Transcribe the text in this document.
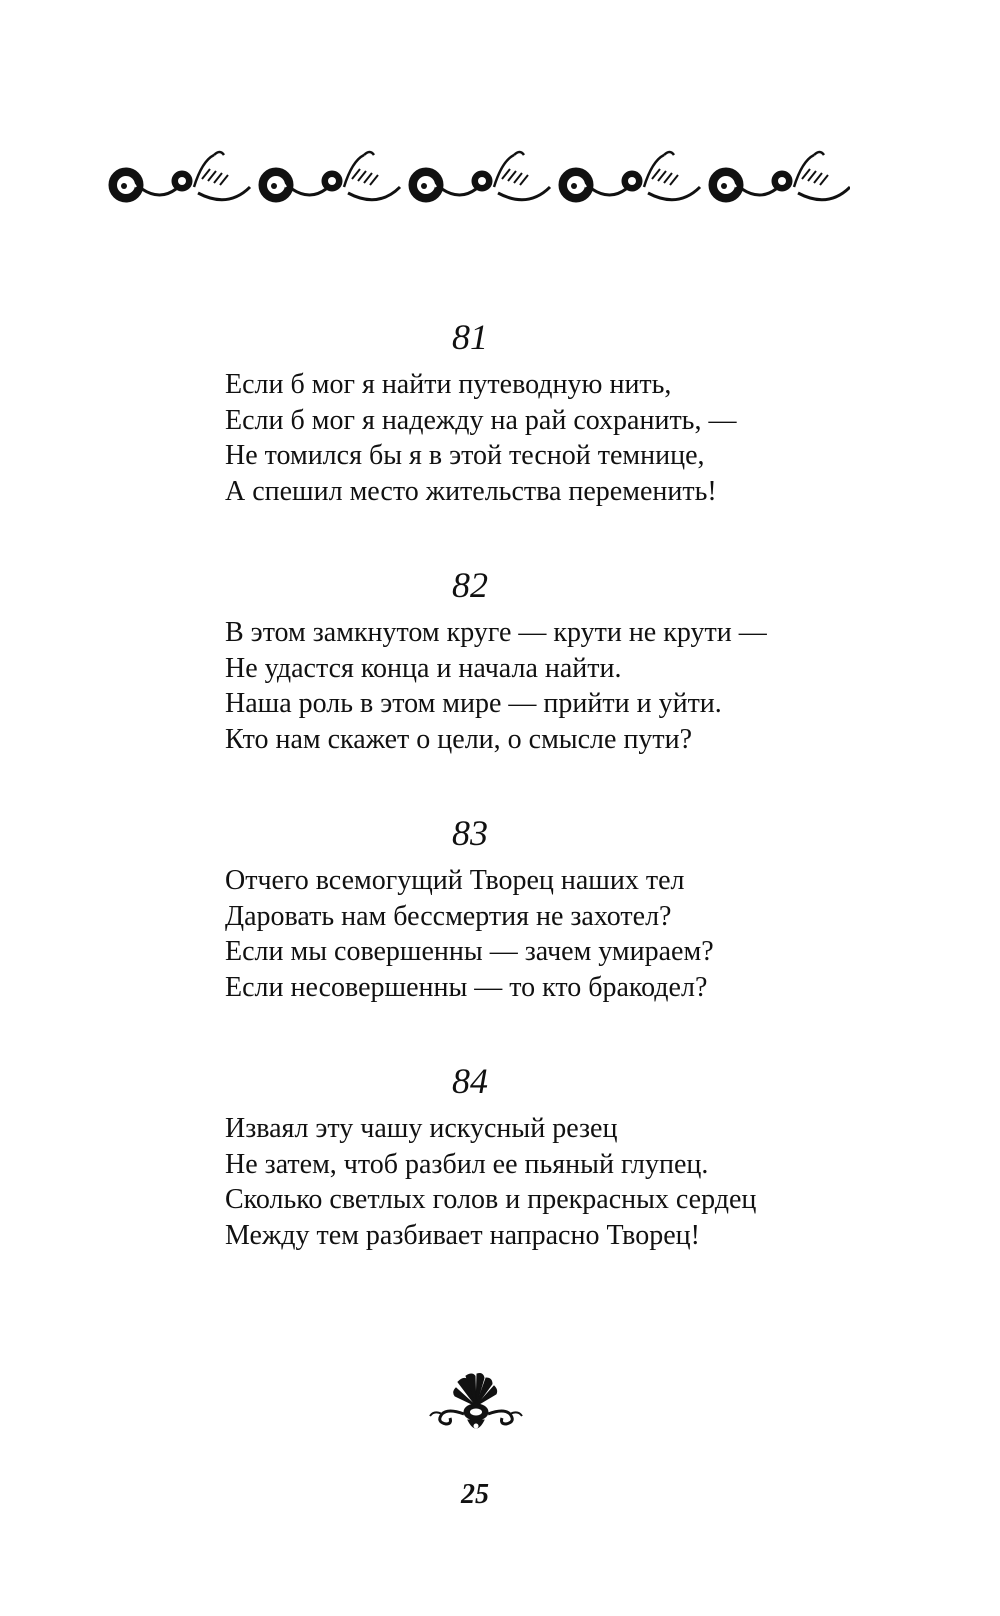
81
Если б мог я найти путеводную нить,
Если б мог я надежду на рай сохранить, —
Не томился бы я в этой тесной темнице,
А спешил место жительства переменить!
82
В этом замкнутом круге — крути не крути —
Не удастся конца и начала найти.
Наша роль в этом мире — прийти и уйти.
Кто нам скажет о цели, о смысле пути?
83
Отчего всемогущий Творец наших тел
Даровать нам бессмертия не захотел?
Если мы совершенны — зачем умираем?
Если несовершенны — то кто бракодел?
84
Изваял эту чашу искусный резец
Не затем, чтоб разбил ее пьяный глупец.
Сколько светлых голов и прекрасных сердец
Между тем разбивает напрасно Творец!
25
